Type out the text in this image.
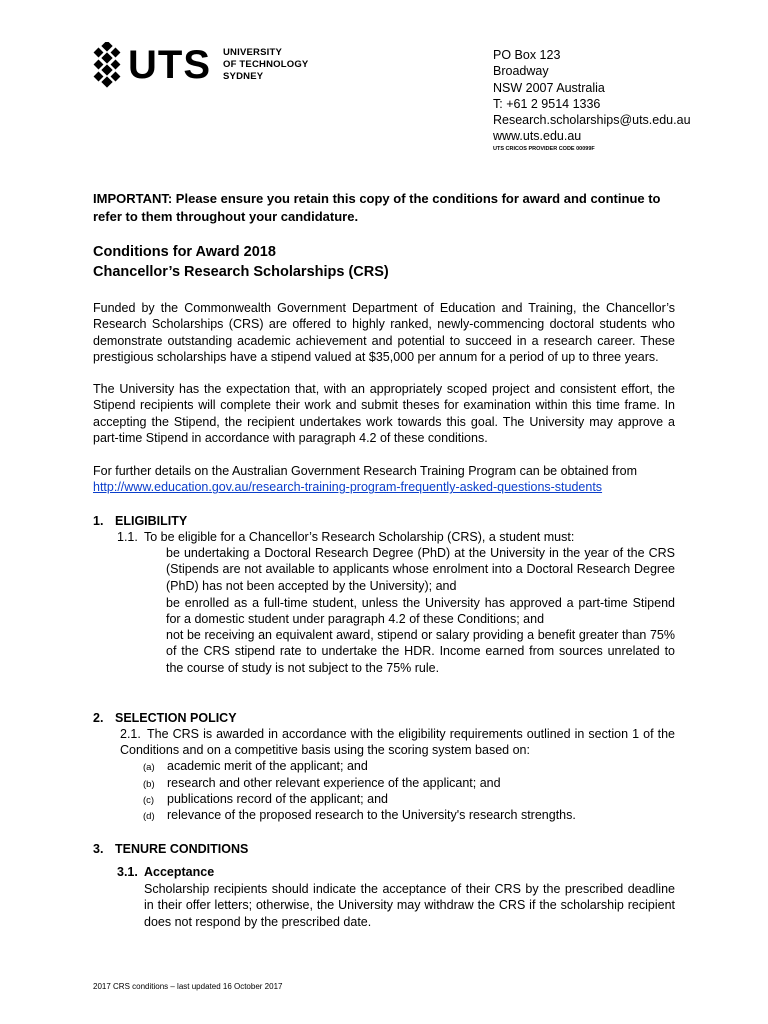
UTS UNIVERSITY
OF TECHNOLOGY
SYDNEY
PO Box 123
Broadway
NSW 2007 Australia
T: +61 2 9514 1336
Research.scholarships@uts.edu.au
www.uts.edu.au
UTS CRICOS PROVIDER CODE 00099F
IMPORTANT: Please ensure you retain this copy of the conditions for award and continue to refer to them throughout your candidature.
Conditions for Award 2018
Chancellor’s Research Scholarships (CRS)
Funded by the Commonwealth Government Department of Education and Training, the Chancellor’s Research Scholarships (CRS) are offered to highly ranked, newly-commencing doctoral students who demonstrate outstanding academic achievement and potential to succeed in a research career. These prestigious scholarships have a stipend valued at $35,000 per annum for a period of up to three years.
The University has the expectation that, with an appropriately scoped project and consistent effort, the Stipend recipients will complete their work and submit theses for examination within this time frame. In accepting the Stipend, the recipient undertakes work towards this goal. The University may approve a part-time Stipend in accordance with paragraph 4.2 of these conditions.
For further details on the Australian Government Research Training Program can be obtained from
http://www.education.gov.au/research-training-program-frequently-asked-questions-students
1. ELIGIBILITY
1.1. To be eligible for a Chancellor’s Research Scholarship (CRS), a student must:
be undertaking a Doctoral Research Degree (PhD) at the University in the year of the CRS (Stipends are not available to applicants whose enrolment into a Doctoral Research Degree (PhD) has not been accepted by the University); and
be enrolled as a full-time student, unless the University has approved a part-time Stipend for a domestic student under paragraph 4.2 of these Conditions; and
not be receiving an equivalent award, stipend or salary providing a benefit greater than 75% of the CRS stipend rate to undertake the HDR. Income earned from sources unrelated to the course of study is not subject to the 75% rule.
2. SELECTION POLICY
2.1. The CRS is awarded in accordance with the eligibility requirements outlined in section 1 of the Conditions and on a competitive basis using the scoring system based on:
(a) academic merit of the applicant; and
(b) research and other relevant experience of the applicant; and
(c) publications record of the applicant; and
(d) relevance of the proposed research to the University's research strengths.
3. TENURE CONDITIONS
3.1. Acceptance
Scholarship recipients should indicate the acceptance of their CRS by the prescribed deadline in their offer letters; otherwise, the University may withdraw the CRS if the scholarship recipient does not respond by the prescribed date.
2017 CRS conditions – last updated 16 October 2017
